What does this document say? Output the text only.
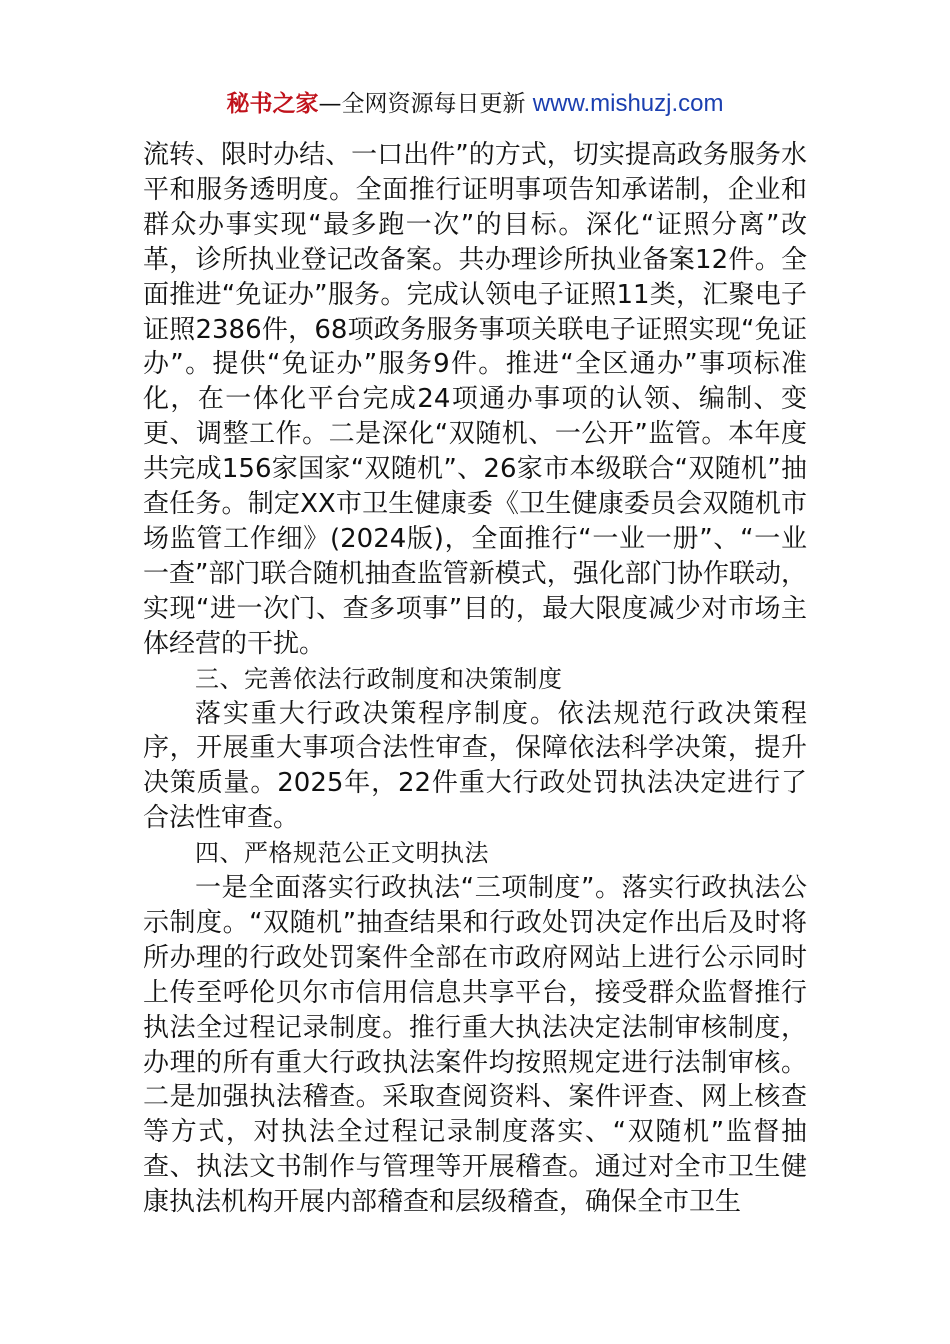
秘书之家—全网资源每日更新 www.mishuzj.com

流转、限时办结、一口出件”的方式，切实提高政务服务水平和服务透明度。全面推行证明事项告知承诺制，企业和群众办事实现“最多跑一次”的目标。深化“证照分离”改革，诊所执业登记改备案。共办理诊所执业备案12件。全面推进“免证办”服务。完成认领电子证照11类，汇聚电子证照2386件，68项政务服务事项关联电子证照实现“免证办”。提供“免证办”服务9件。推进“全区通办”事项标准化，在一体化平台完成24项通办事项的认领、编制、变更、调整工作。二是深化“双随机、一公开”监管。本年度共完成156家国家“双随机”、26家市本级联合“双随机”抽查任务。制定XX市卫生健康委《卫生健康委员会双随机市场监管工作细》(2024版)，全面推行“一业一册”、“一业一查”部门联合随机抽查监管新模式，强化部门协作联动，实现“进一次门、查多项事”目的，最大限度减少对市场主体经营的干扰。

三、完善依法行政制度和决策制度

落实重大行政决策程序制度。依法规范行政决策程序，开展重大事项合法性审查，保障依法科学决策，提升决策质量。2025年，22件重大行政处罚执法决定进行了合法性审查。

四、严格规范公正文明执法

一是全面落实行政执法“三项制度”。落实行政执法公示制度。“双随机”抽查结果和行政处罚决定作出后及时将所办理的行政处罚案件全部在市政府网站上进行公示同时上传至呼伦贝尔市信用信息共享平台，接受群众监督推行执法全过程记录制度。推行重大执法决定法制审核制度，办理的所有重大行政执法案件均按照规定进行法制审核。二是加强执法稽查。采取查阅资料、案件评查、网上核查等方式，对执法全过程记录制度落实、“双随机”监督抽查、执法文书制作与管理等开展稽查。通过对全市卫生健康执法机构开展内部稽查和层级稽查，确保全市卫生
